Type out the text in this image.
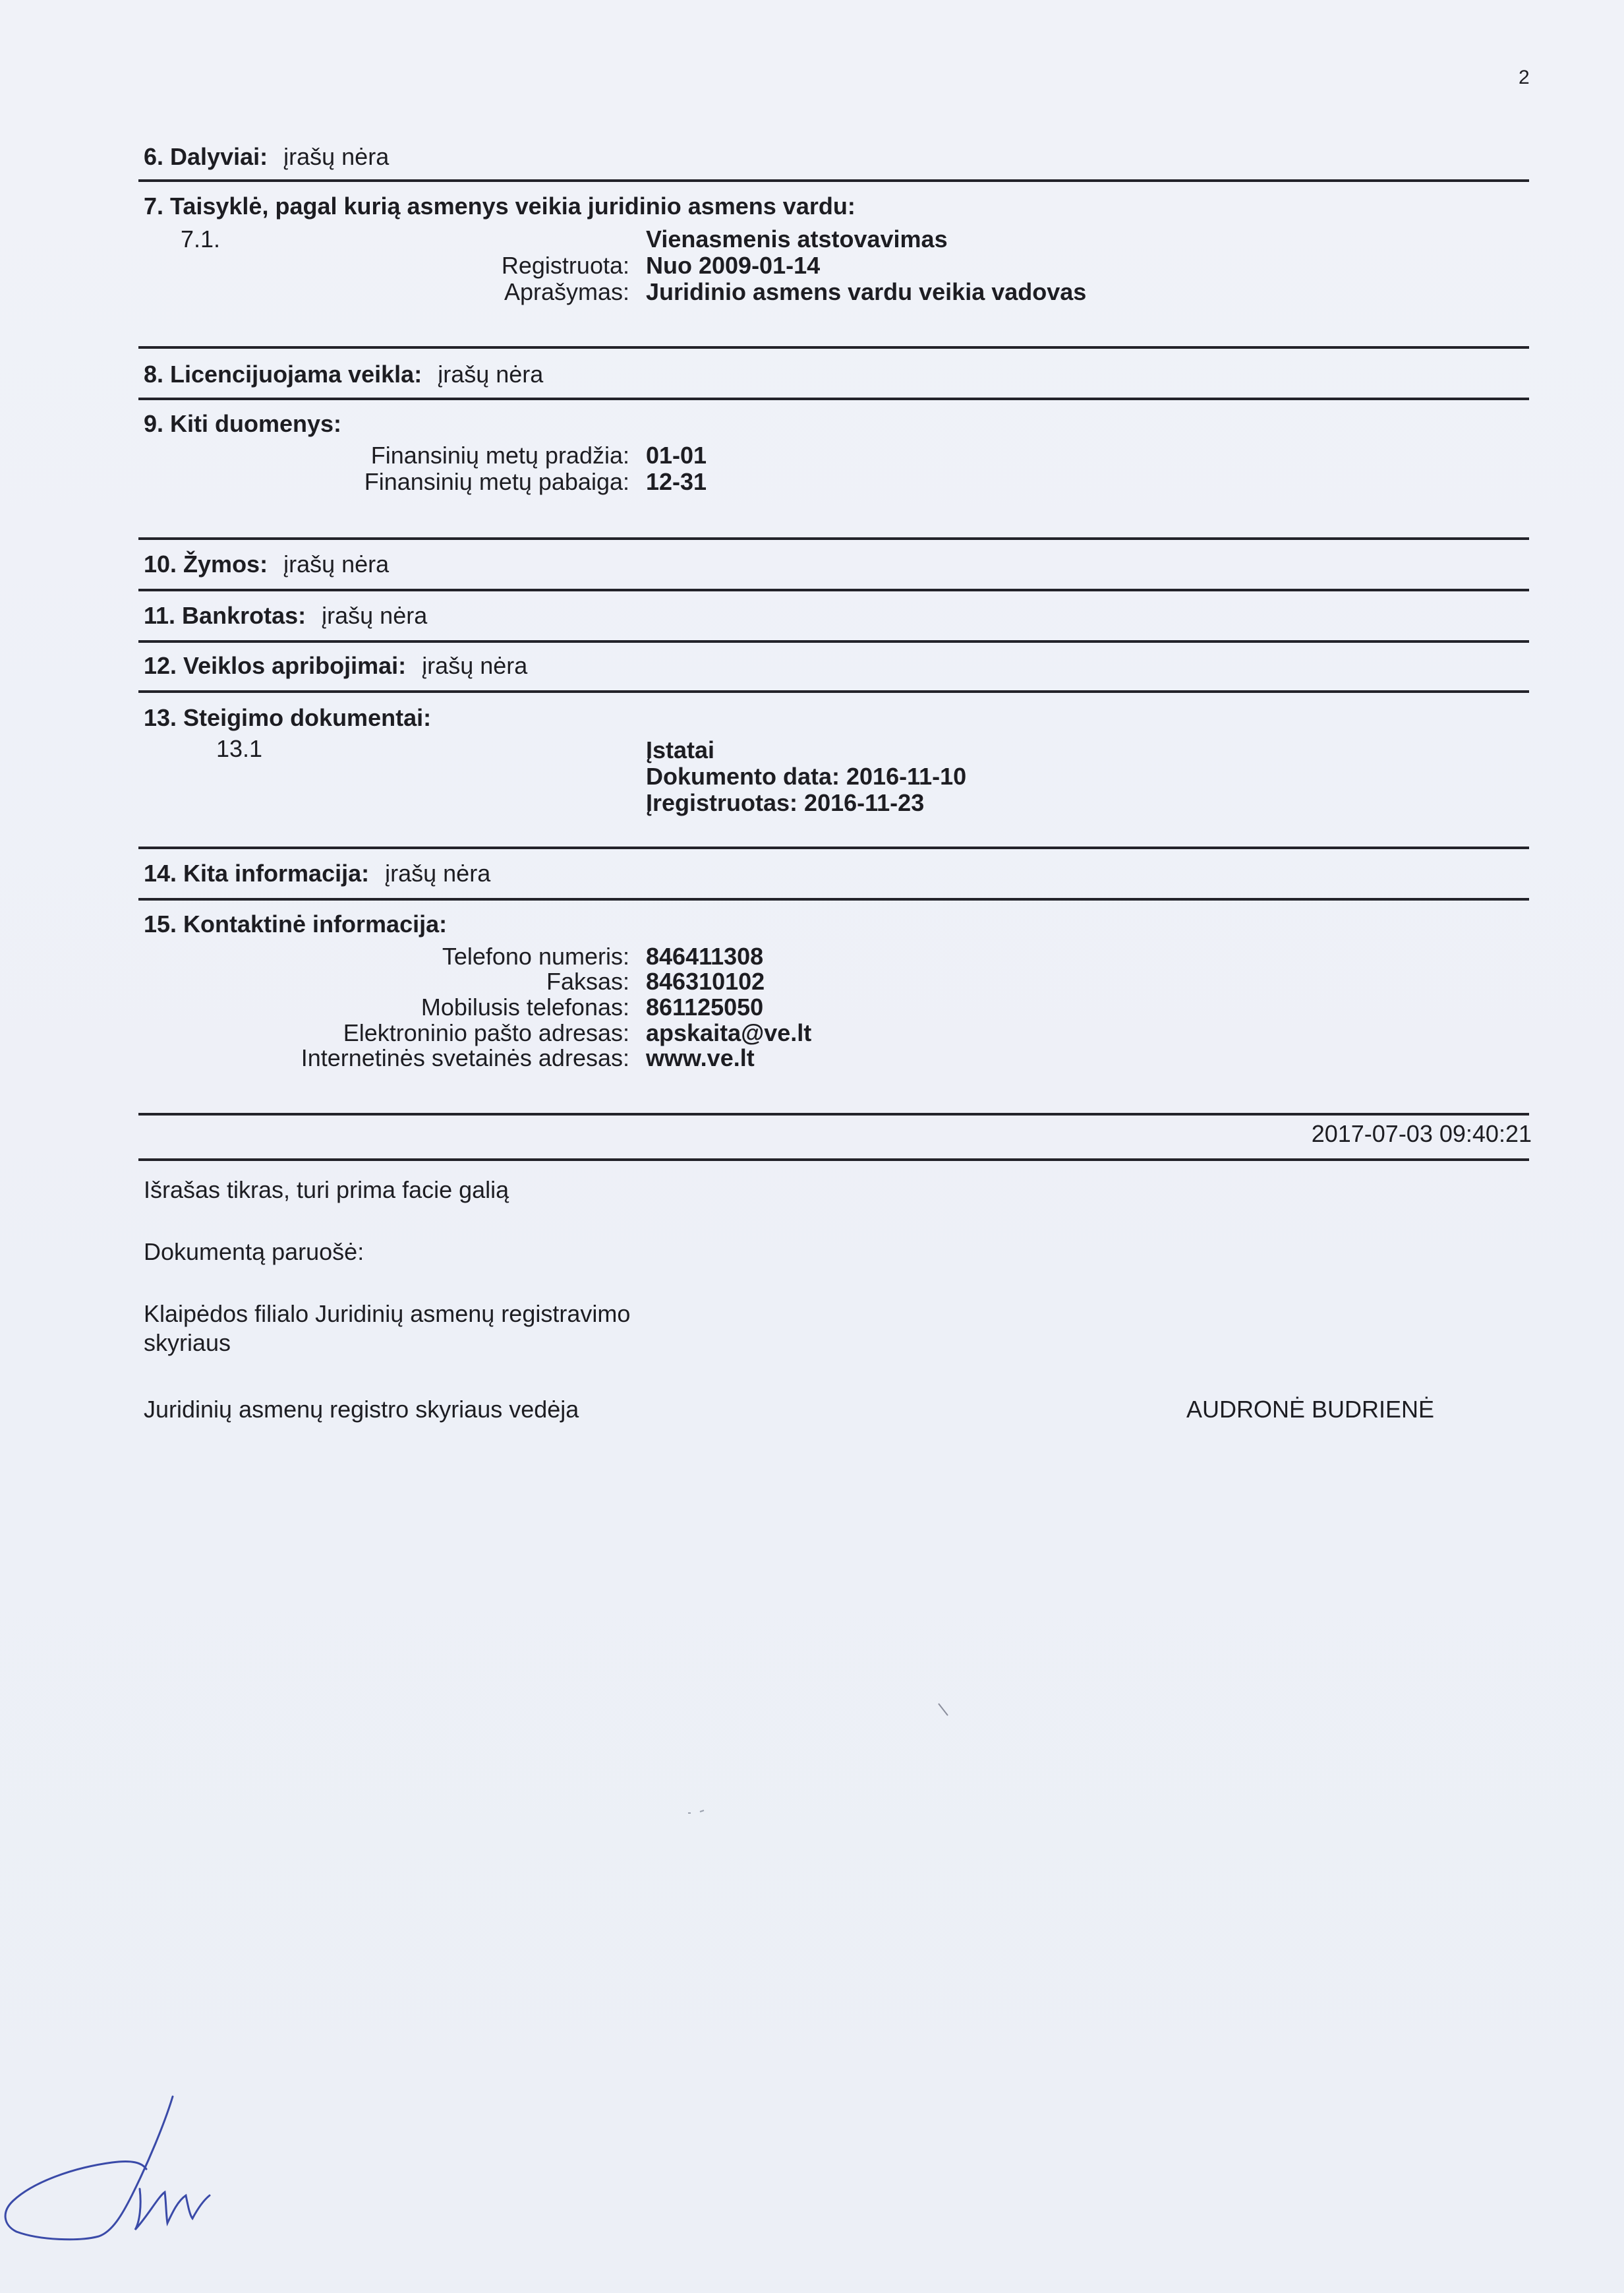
2
6. Dalyviai: įrašų nėra
7. Taisyklė, pagal kurią asmenys veikia juridinio asmens vardu:
7.1.	Vienasmenis atstovavimas
Registruota: Nuo 2009-01-14
Aprašymas: Juridinio asmens vardu veikia vadovas
8. Licencijuojama veikla: įrašų nėra
9. Kiti duomenys:
Finansinių metų pradžia: 01-01
Finansinių metų pabaiga: 12-31
10. Žymos: įrašų nėra
11. Bankrotas: įrašų nėra
12. Veiklos apribojimai: įrašų nėra
13. Steigimo dokumentai:
13.1	Įstatai
Dokumento data: 2016-11-10
Įregistruotas: 2016-11-23
14. Kita informacija: įrašų nėra
15. Kontaktinė informacija:
Telefono numeris: 846411308
Faksas: 846310102
Mobilusis telefonas: 861125050
Elektroninio pašto adresas: apskaita@ve.lt
Internetinės svetainės adresas: www.ve.lt
2017-07-03 09:40:21
Išrašas tikras, turi prima facie galią
Dokumentą paruošė:
Klaipėdos filialo Juridinių asmenų registravimo
skyriaus
Juridinių asmenų registro skyriaus vedėja	AUDRONĖ BUDRIENĖ
